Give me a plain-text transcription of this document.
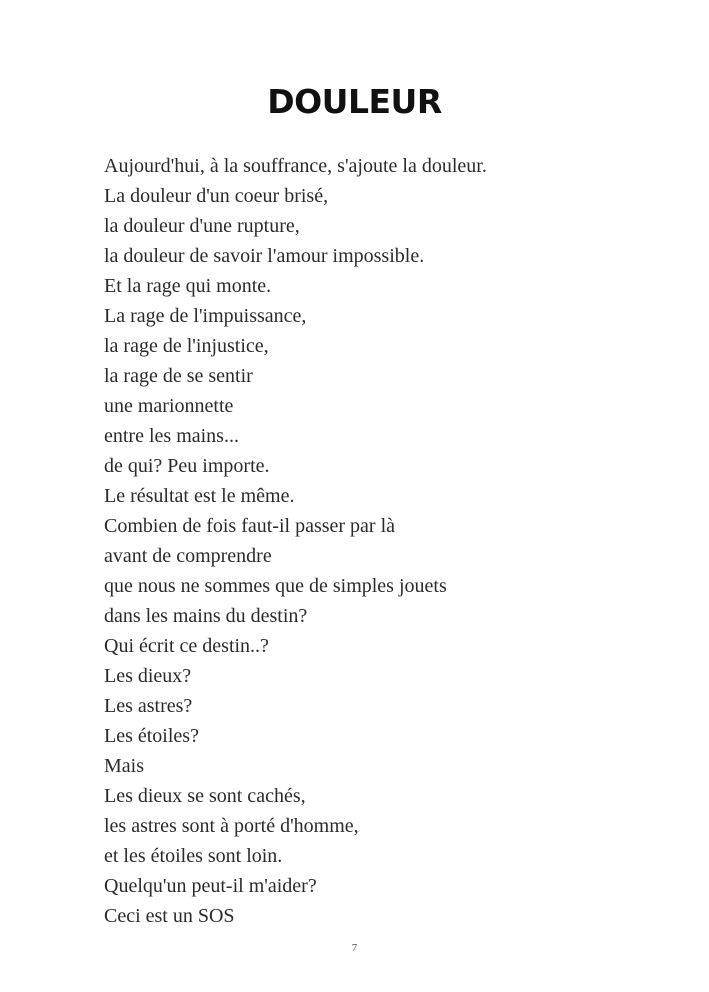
DOULEUR
Aujourd'hui, à la souffrance, s'ajoute la douleur.
La douleur d'un coeur brisé,
la douleur d'une rupture,
la douleur de savoir l'amour impossible.
Et la rage qui monte.
La rage de l'impuissance,
la rage de l'injustice,
la rage de se sentir
une marionnette
entre les mains...
de qui? Peu importe.
Le résultat est le même.
Combien de fois faut-il passer par là
avant de comprendre
que nous ne sommes que de simples jouets
dans les mains du destin?
Qui écrit ce destin..?
Les dieux?
Les astres?
Les étoiles?
Mais
Les dieux se sont cachés,
les astres sont à porté d'homme,
et les étoiles sont loin.
Quelqu'un peut-il m'aider?
Ceci est un SOS
7
